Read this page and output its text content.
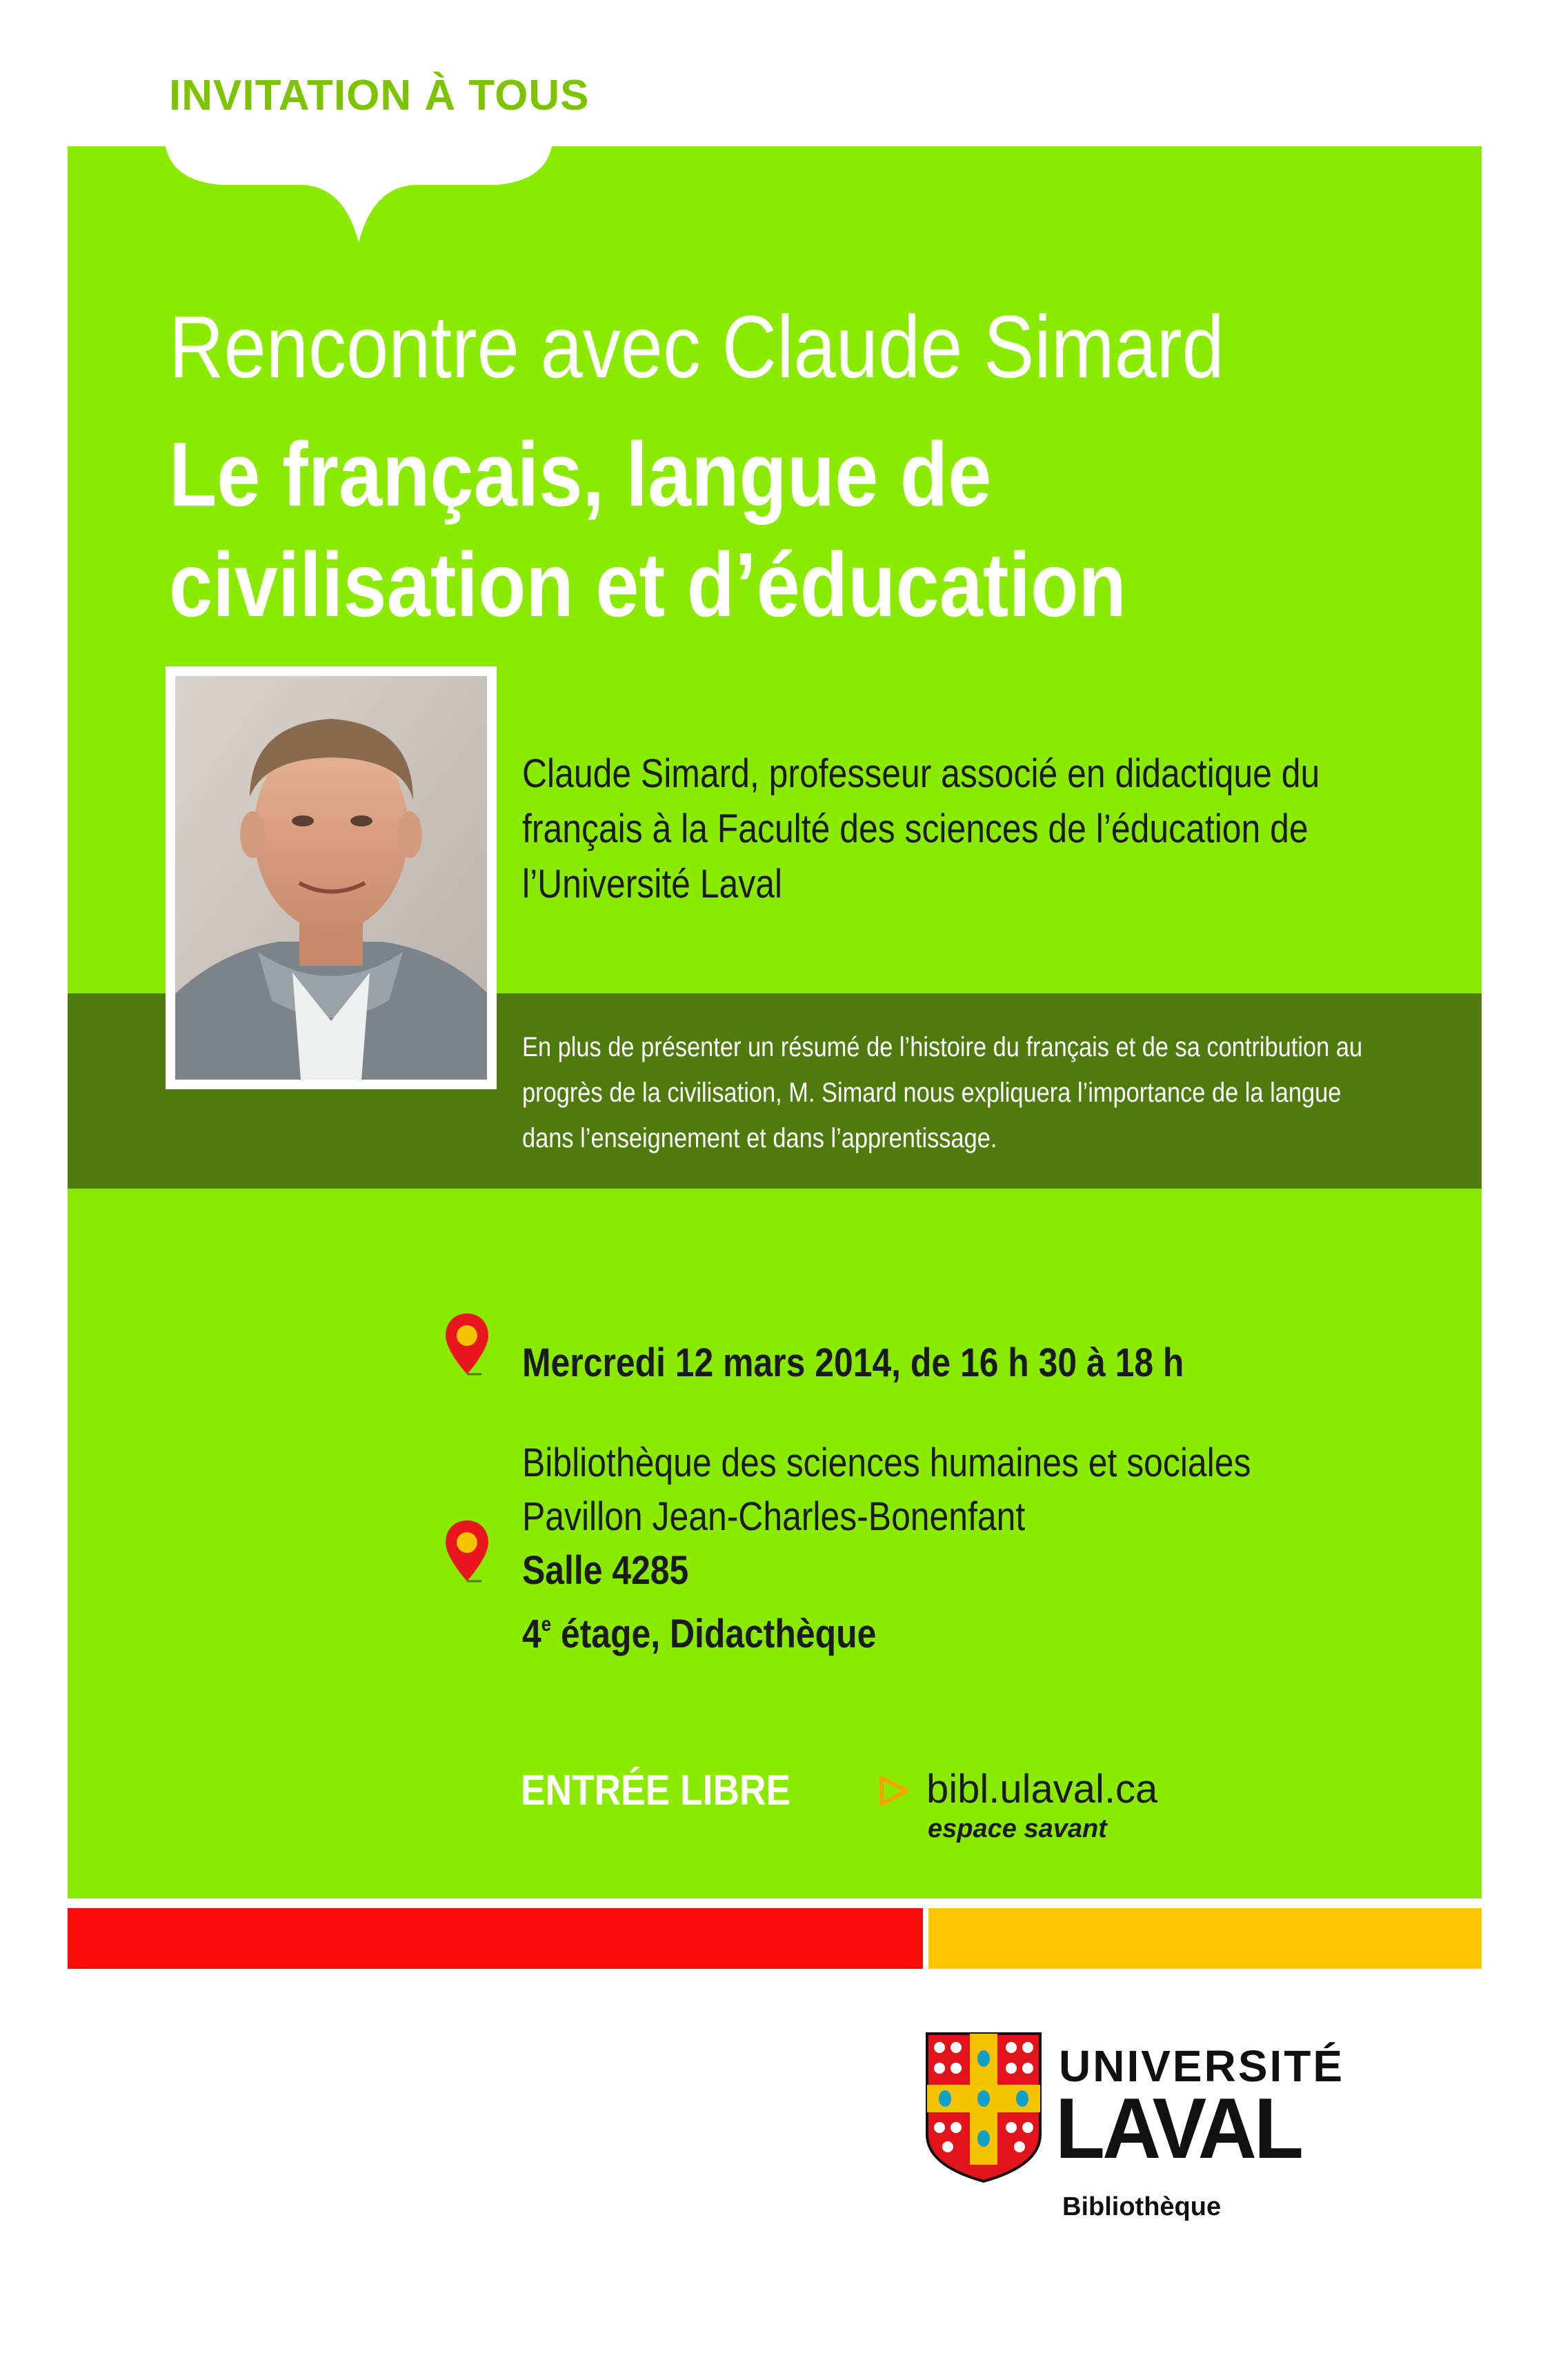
INVITATION À TOUS
Rencontre avec Claude Simard
Le français, langue de
civilisation et d’éducation
Claude Simard, professeur associé en didactique du
français à la Faculté des sciences de l’éducation de
l’Université Laval
En plus de présenter un résumé de l’histoire du français et de sa contribution au
progrès de la civilisation, M. Simard nous expliquera l’importance de la langue
dans l’enseignement et dans l’apprentissage.
Mercredi 12 mars 2014, de 16 h 30 à 18 h
Bibliothèque des sciences humaines et sociales
Pavillon Jean-Charles-Bonenfant
Salle 4285
4e étage, Didacthèque
ENTRÉE LIBRE	bibl.ulaval.ca
espace savant
UNIVERSITÉ
LAVAL
Bibliothèque
